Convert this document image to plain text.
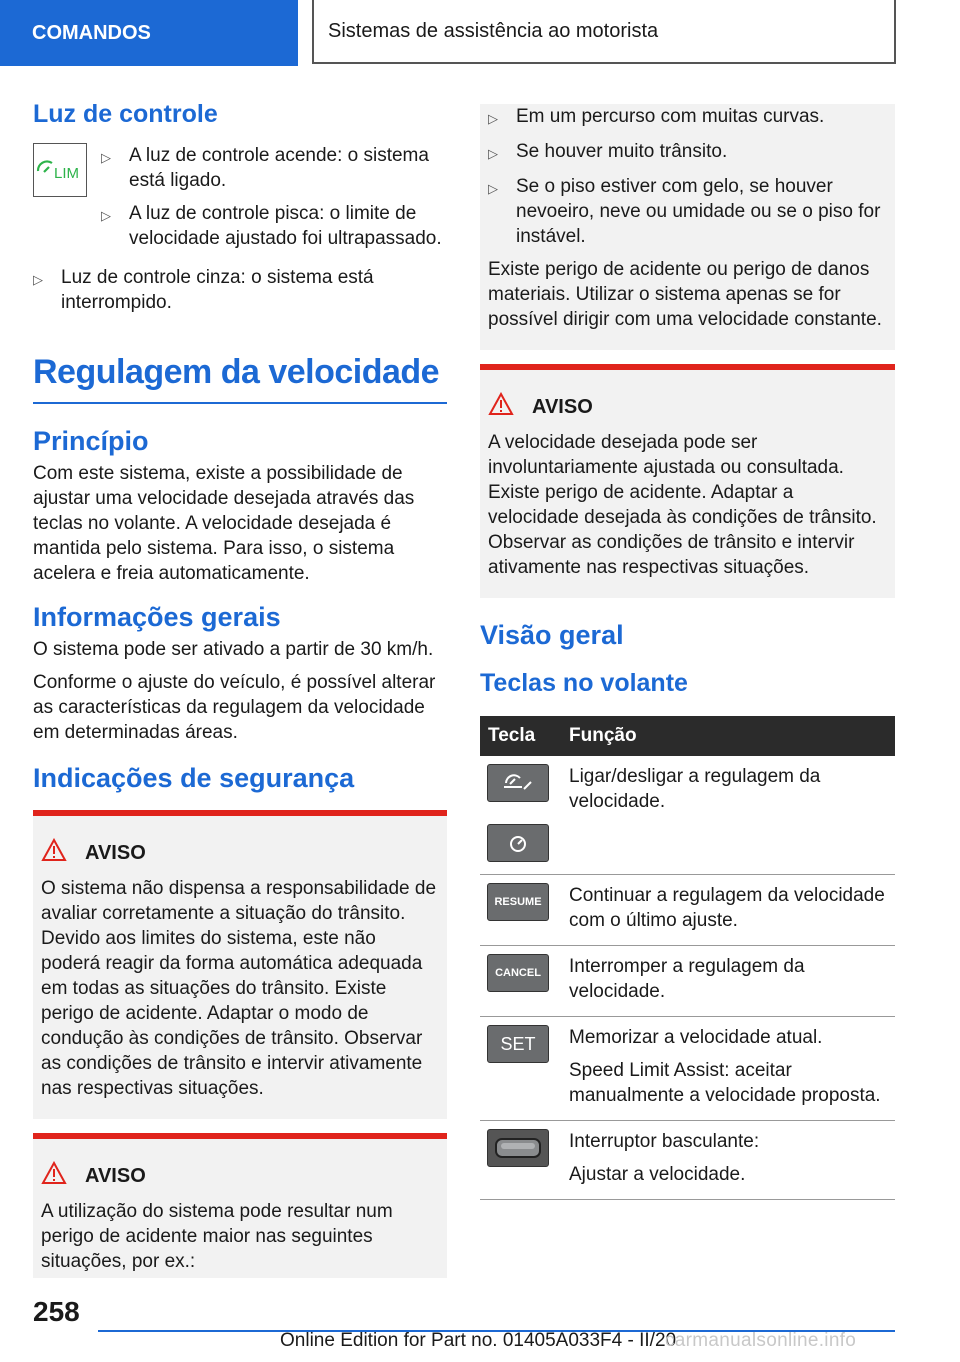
COMANDOS	Sistemas de assistência ao motorista
Luz de controle
LIM
▷ A luz de controle acende: o sistema está ligado.
▷ A luz de controle pisca: o limite de velocidade ajustado foi ultrapassado.
▷ Luz de controle cinza: o sistema está interrompido.
Regulagem da velocidade
Princípio

Com este sistema, existe a possibilidade de ajustar uma velocidade desejada através das teclas no volante. A velocidade desejada é mantida pelo sistema. Para isso, o sistema acelera e freia automaticamente.

Informações gerais

O sistema pode ser ativado a partir de 30 km/h.

Conforme o ajuste do veículo, é possível alterar as características da regulagem da velocidade em determinadas áreas.

Indicações de segurança
AVISO

O sistema não dispensa a responsabilidade de avaliar corretamente a situação do trânsito. Devido aos limites do sistema, este não poderá reagir da forma automática adequada em todas as situações do trânsito. Existe perigo de acidente. Adaptar o modo de condução às condições de trânsito. Observar as condições de trânsito e intervir ativamente nas respectivas situações.

AVISO

A utilização do sistema pode resultar num perigo de acidente maior nas seguintes situações, por ex.:

▷ Em um percurso com muitas curvas.
▷ Se houver muito trânsito.
▷ Se o piso estiver com gelo, se houver nevoeiro, neve ou umidade ou se o piso for instável.

Existe perigo de acidente ou perigo de danos materiais. Utilizar o sistema apenas se for possível dirigir com uma velocidade constante.

AVISO

A velocidade desejada pode ser involuntariamente ajustada ou consultada. Existe perigo de acidente. Adaptar a velocidade desejada às condições de trânsito. Observar as condições de trânsito e intervir ativamente nas respectivas situações.

Visão geral
Teclas no volante
Tecla	Função

	Ligar/desligar a regulagem da velocidade.

RESUME	Continuar a regulagem da velocidade com o último ajuste.

CANCEL	Interromper a regulagem da velocidade.

SET	Memorizar a velocidade atual.
Speed Limit Assist: aceitar manualmente a velocidade proposta.

Interruptor basculante:
Ajustar a velocidade.
258
Online Edition for Part no. 01405A033F4 - II/20
carmanualsonline.info
